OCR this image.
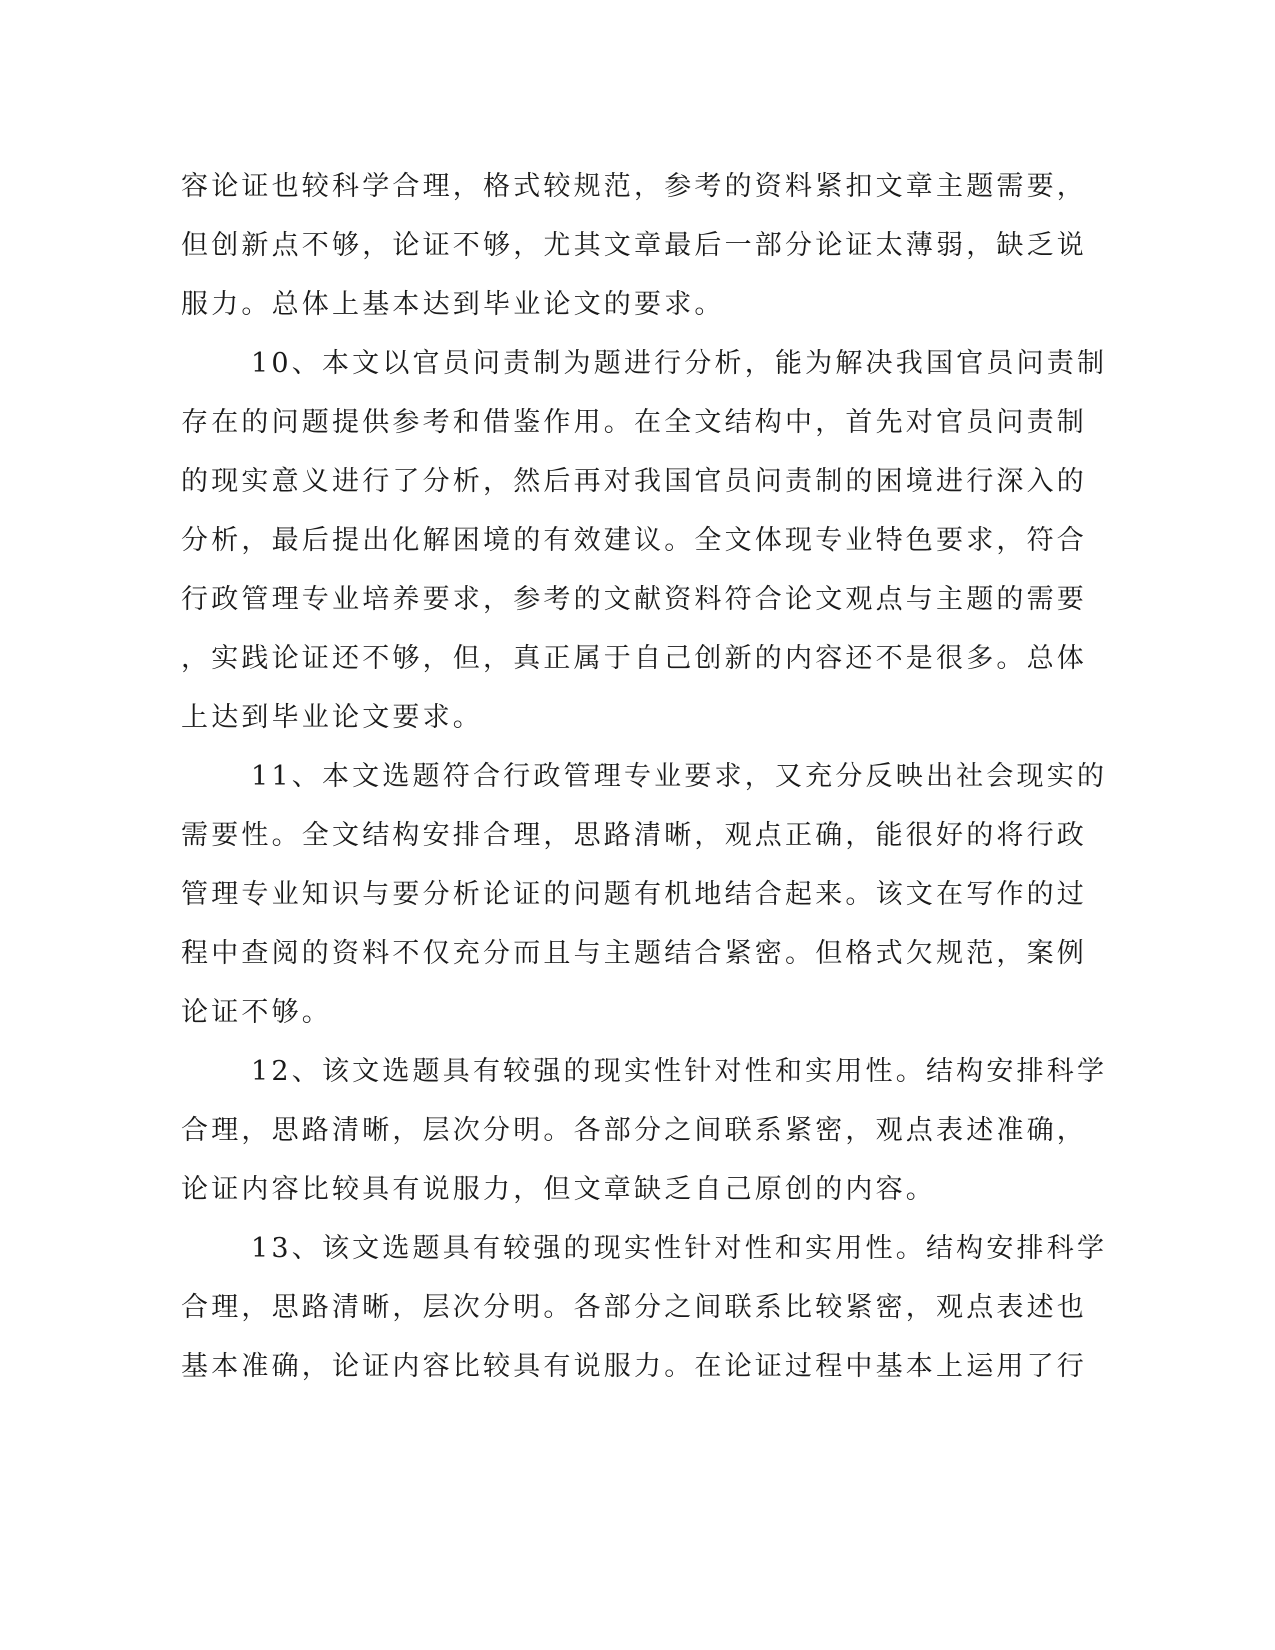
容论证也较科学合理，格式较规范，参考的资料紧扣文章主题需要，
但创新点不够，论证不够，尤其文章最后一部分论证太薄弱，缺乏说
服力。总体上基本达到毕业论文的要求。
10、本文以官员问责制为题进行分析，能为解决我国官员问责制
存在的问题提供参考和借鉴作用。在全文结构中，首先对官员问责制
的现实意义进行了分析，然后再对我国官员问责制的困境进行深入的
分析，最后提出化解困境的有效建议。全文体现专业特色要求，符合
行政管理专业培养要求，参考的文献资料符合论文观点与主题的需要
，实践论证还不够，但，真正属于自己创新的内容还不是很多。总体
上达到毕业论文要求。
11、本文选题符合行政管理专业要求，又充分反映出社会现实的
需要性。全文结构安排合理，思路清晰，观点正确，能很好的将行政
管理专业知识与要分析论证的问题有机地结合起来。该文在写作的过
程中查阅的资料不仅充分而且与主题结合紧密。但格式欠规范，案例
论证不够。
12、该文选题具有较强的现实性针对性和实用性。结构安排科学
合理，思路清晰，层次分明。各部分之间联系紧密，观点表述准确，
论证内容比较具有说服力，但文章缺乏自己原创的内容。
13、该文选题具有较强的现实性针对性和实用性。结构安排科学
合理，思路清晰，层次分明。各部分之间联系比较紧密，观点表述也
基本准确，论证内容比较具有说服力。在论证过程中基本上运用了行
